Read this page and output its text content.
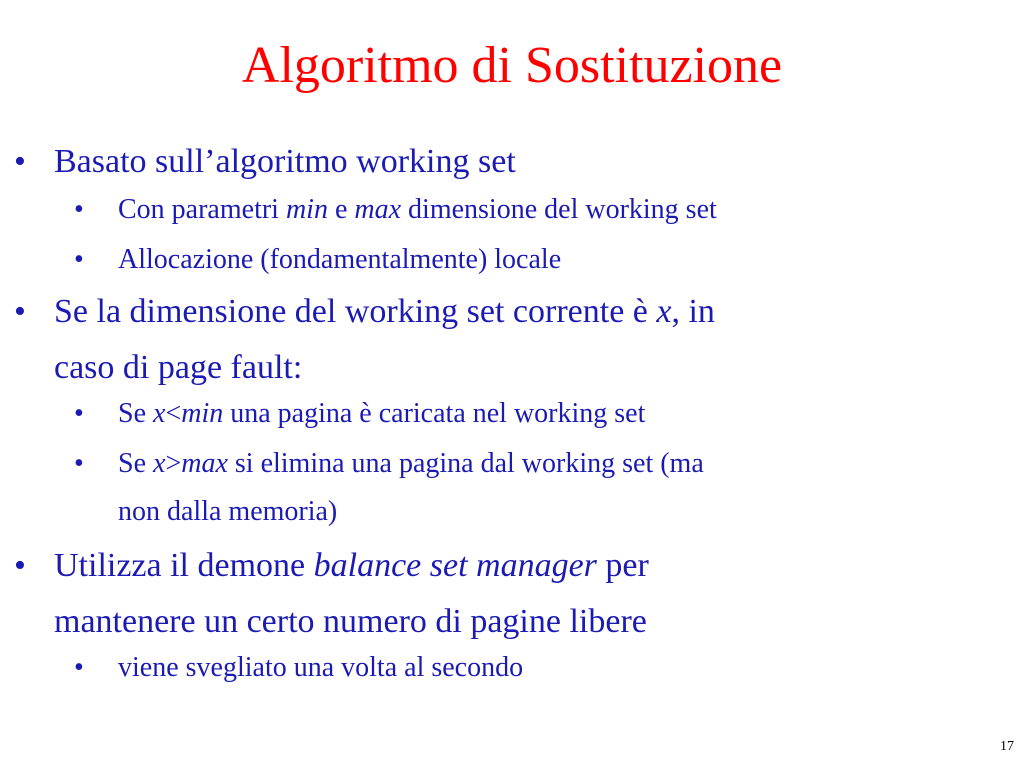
Algoritmo di Sostituzione
• Basato sull’algoritmo working set
• Con parametri min e max dimensione del working set
• Allocazione (fondamentalmente) locale
• Se la dimensione del working set corrente è x, in
caso di page fault:
• Se x<min una pagina è caricata nel working set
• Se x>max si elimina una pagina dal working set (ma
non dalla memoria)
• Utilizza il demone balance set manager per
mantenere un certo numero di pagine libere
• viene svegliato una volta al secondo
17
